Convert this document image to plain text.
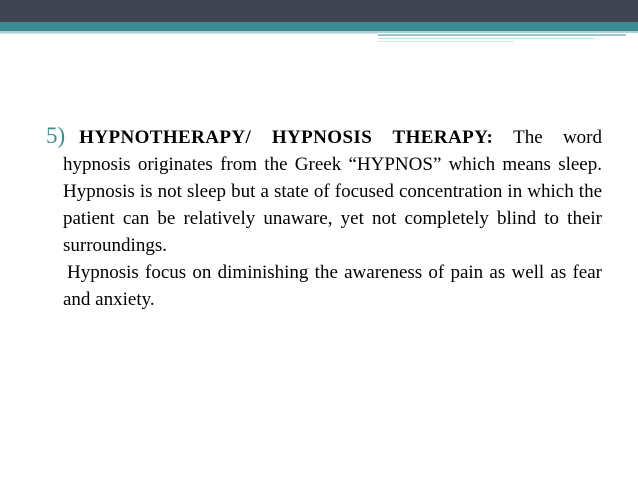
5) HYPNOTHERAPY/ HYPNOSIS THERAPY: The word hypnosis originates from the Greek “HYPNOS” which means sleep. Hypnosis is not sleep but a state of focused concentration in which the patient can be relatively unaware, yet not completely blind to their surroundings.

Hypnosis focus on diminishing the awareness of pain as well as fear and anxiety.
